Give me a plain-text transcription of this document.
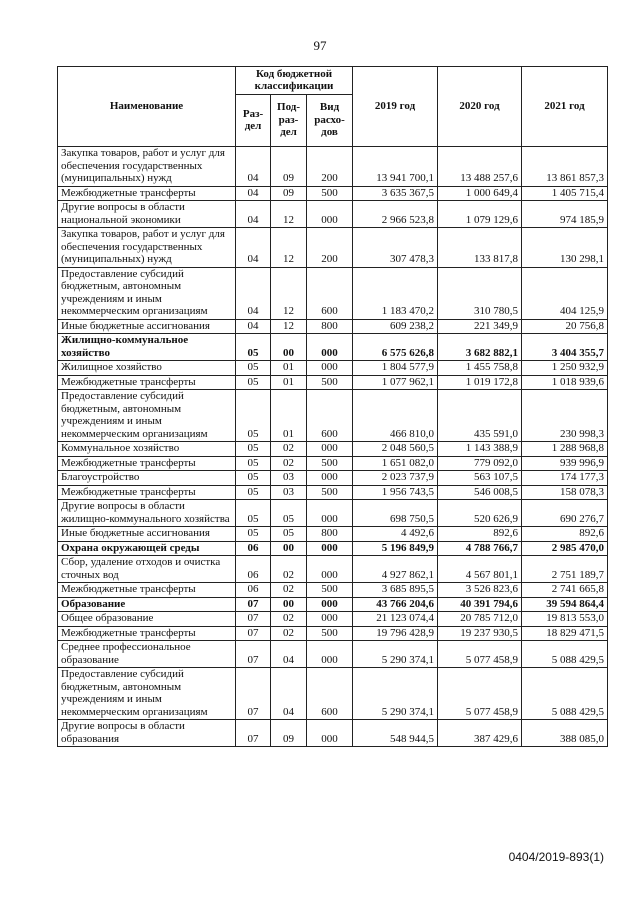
97
Наименование	Код бюджетной классификации			2019 год	2020 год	2021 год
	Раз-дел	Под-раз-дел	Вид расхо-дов			
Закупка товаров, работ и услуг для обеспечения государственных (муниципальных) нужд	04	09	200	13 941 700,1	13 488 257,6	13 861 857,3
Межбюджетные трансферты	04	09	500	3 635 367,5	1 000 649,4	1 405 715,4
Другие вопросы в области национальной экономики	04	12	000	2 966 523,8	1 079 129,6	974 185,9
Закупка товаров, работ и услуг для обеспечения государственных (муниципальных) нужд	04	12	200	307 478,3	133 817,8	130 298,1
Предоставление субсидий бюджетным, автономным учреждениям и иным некоммерческим организациям	04	12	600	1 183 470,2	310 780,5	404 125,9
Иные бюджетные ассигнования	04	12	800	609 238,2	221 349,9	20 756,8
Жилищно-коммунальное хозяйство	05	00	000	6 575 626,8	3 682 882,1	3 404 355,7
Жилищное хозяйство	05	01	000	1 804 577,9	1 455 758,8	1 250 932,9
Межбюджетные трансферты	05	01	500	1 077 962,1	1 019 172,8	1 018 939,6
Предоставление субсидий бюджетным, автономным учреждениям и иным некоммерческим организациям	05	01	600	466 810,0	435 591,0	230 998,3
Коммунальное хозяйство	05	02	000	2 048 560,5	1 143 388,9	1 288 968,8
Межбюджетные трансферты	05	02	500	1 651 082,0	779 092,0	939 996,9
Благоустройство	05	03	000	2 023 737,9	563 107,5	174 177,3
Межбюджетные трансферты	05	03	500	1 956 743,5	546 008,5	158 078,3
Другие вопросы в области жилищно-коммунального хозяйства	05	05	000	698 750,5	520 626,9	690 276,7
Иные бюджетные ассигнования	05	05	800	4 492,6	892,6	892,6
Охрана окружающей среды	06	00	000	5 196 849,9	4 788 766,7	2 985 470,0
Сбор, удаление отходов и очистка сточных вод	06	02	000	4 927 862,1	4 567 801,1	2 751 189,7
Межбюджетные трансферты	06	02	500	3 685 895,5	3 526 823,6	2 741 665,8
Образование	07	00	000	43 766 204,6	40 391 794,6	39 594 864,4
Общее образование	07	02	000	21 123 074,4	20 785 712,0	19 813 553,0
Межбюджетные трансферты	07	02	500	19 796 428,9	19 237 930,5	18 829 471,5
Среднее профессиональное образование	07	04	000	5 290 374,1	5 077 458,9	5 088 429,5
Предоставление субсидий бюджетным, автономным учреждениям и иным некоммерческим организациям	07	04	600	5 290 374,1	5 077 458,9	5 088 429,5
Другие вопросы в области образования	07	09	000	548 944,5	387 429,6	388 085,0
0404/2019-893(1)
